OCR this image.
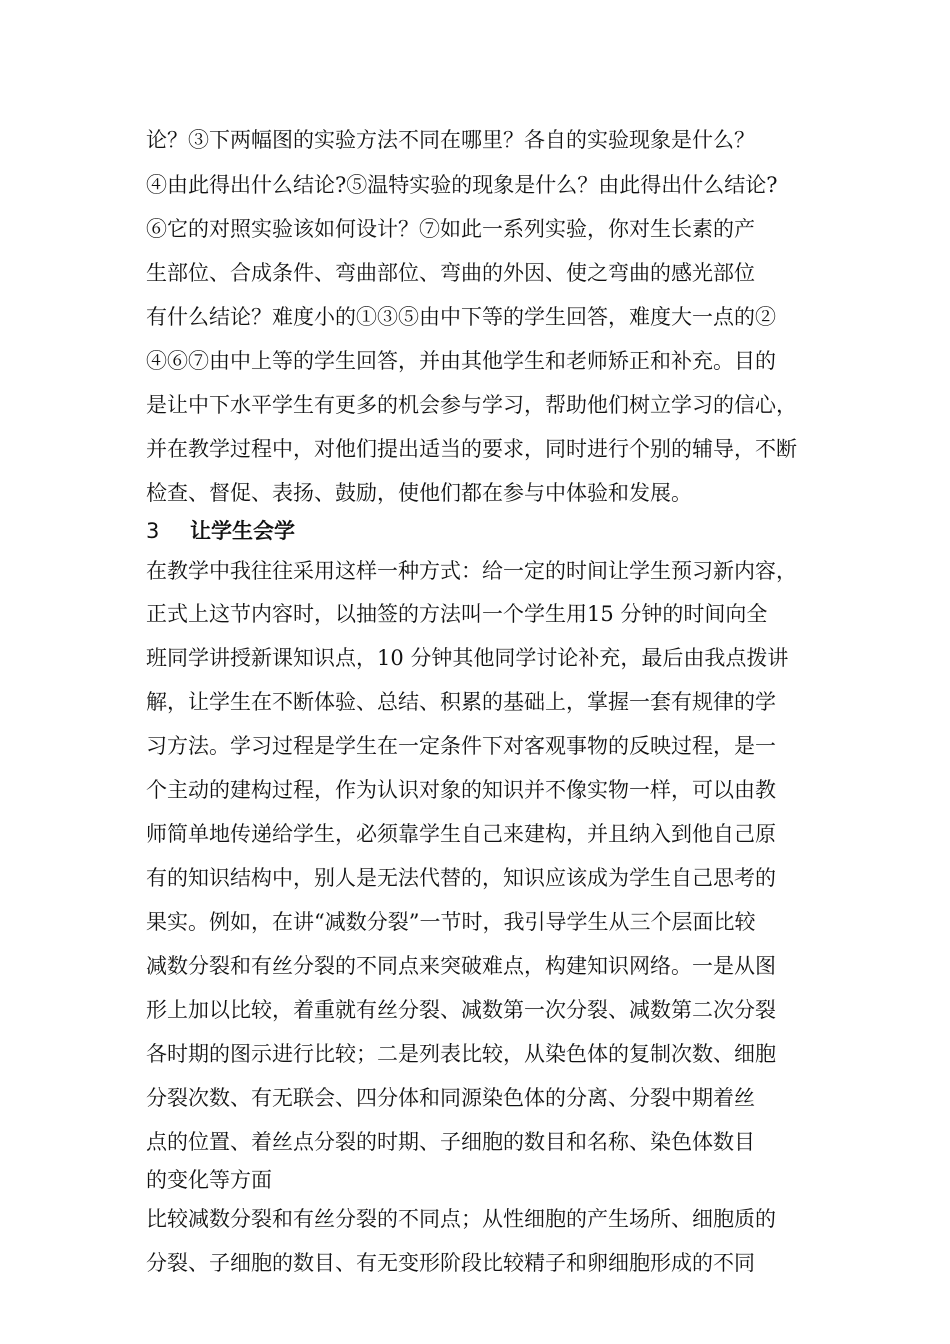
论？③下两幅图的实验方法不同在哪里？各自的实验现象是什么？
④由此得出什么结论?⑤温特实验的现象是什么？由此得出什么结论?
⑥它的对照实验该如何设计？⑦如此一系列实验，你对生长素的产
生部位、合成条件、弯曲部位、弯曲的外因、使之弯曲的感光部位
有什么结论？难度小的①③⑤由中下等的学生回答，难度大一点的②
④⑥⑦由中上等的学生回答，并由其他学生和老师矫正和补充。目的
是让中下水平学生有更多的机会参与学习，帮助他们树立学习的信心，
并在教学过程中，对他们提出适当的要求，同时进行个别的辅导，不断
检查、督促、表扬、鼓励，使他们都在参与中体验和发展。
3 让学生会学
在教学中我往往采用这样一种方式：给一定的时间让学生预习新内容，
正式上这节内容时，以抽签的方法叫一个学生用15 分钟的时间向全
班同学讲授新课知识点，10 分钟其他同学讨论补充，最后由我点拨讲
解，让学生在不断体验、总结、积累的基础上，掌握一套有规律的学
习方法。学习过程是学生在一定条件下对客观事物的反映过程，是一
个主动的建构过程，作为认识对象的知识并不像实物一样，可以由教
师简单地传递给学生，必须靠学生自己来建构，并且纳入到他自己原
有的知识结构中，别人是无法代替的，知识应该成为学生自己思考的
果实。例如，在讲“减数分裂”一节时，我引导学生从三个层面比较
减数分裂和有丝分裂的不同点来突破难点，构建知识网络。一是从图
形上加以比较，着重就有丝分裂、减数第一次分裂、减数第二次分裂
各时期的图示进行比较；二是列表比较，从染色体的复制次数、细胞
分裂次数、有无联会、四分体和同源染色体的分离、分裂中期着丝
点的位置、着丝点分裂的时期、子细胞的数目和名称、染色体数目
的变化等方面
比较减数分裂和有丝分裂的不同点；从性细胞的产生场所、细胞质的
分裂、子细胞的数目、有无变形阶段比较精子和卵细胞形成的不同
